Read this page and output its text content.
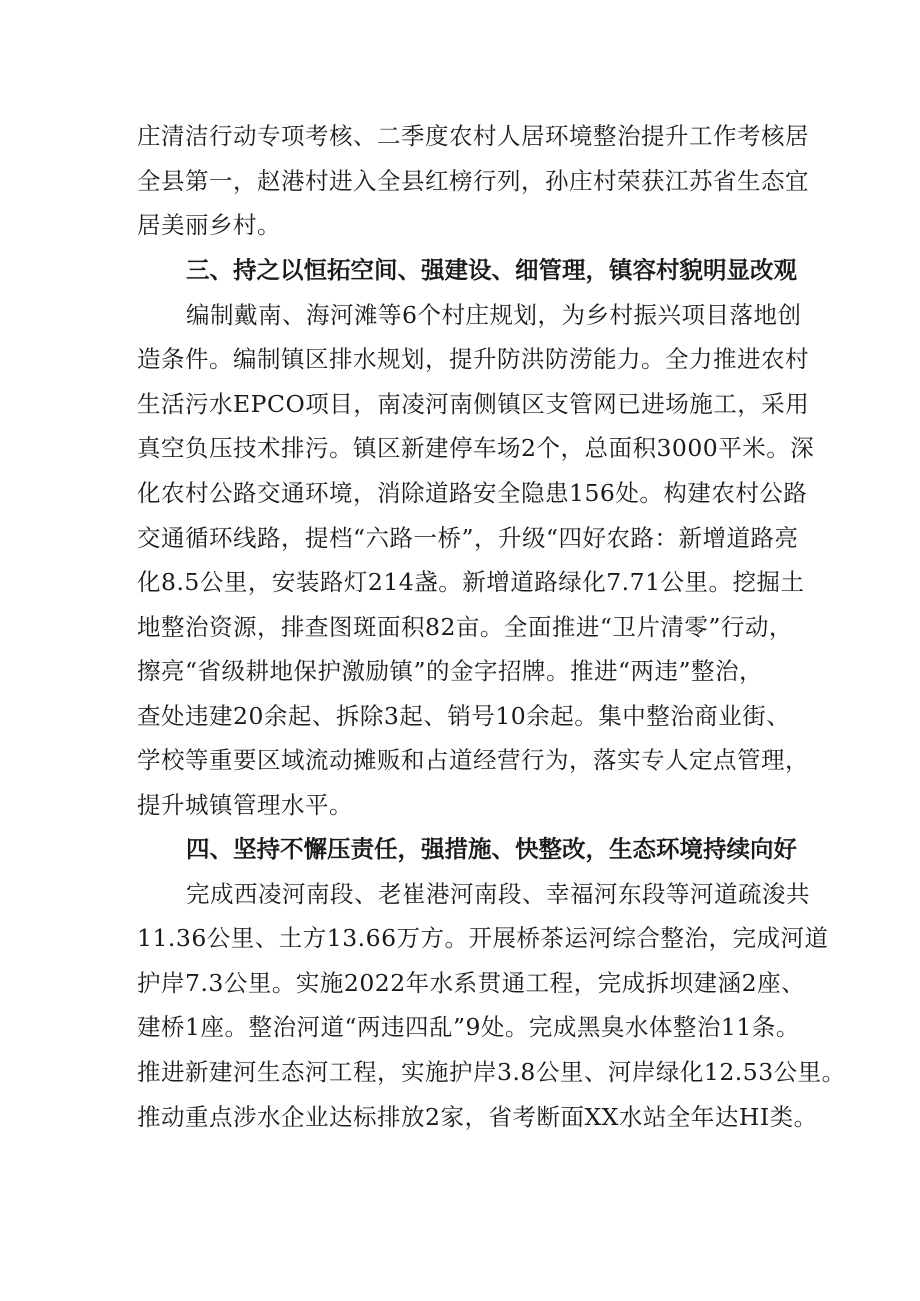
庄清洁行动专项考核、二季度农村人居环境整治提升工作考核居
全县第一，赵港村进入全县红榜行列，孙庄村荣获江苏省生态宜
居美丽乡村。
三、持之以恒拓空间、强建设、细管理，镇容村貌明显改观
编制戴南、海河滩等6个村庄规划，为乡村振兴项目落地创
造条件。编制镇区排水规划，提升防洪防涝能力。全力推进农村
生活污水EPCO项目，南凌河南侧镇区支管网已进场施工，采用
真空负压技术排污。镇区新建停车场2个，总面积3000平米。深
化农村公路交通环境，消除道路安全隐患156处。构建农村公路
交通循环线路，提档“六路一桥”，升级“四好农路：新增道路亮
化8.5公里，安装路灯214盏。新增道路绿化7.71公里。挖掘土
地整治资源，排查图斑面积82亩。全面推进“卫片清零”行动，
擦亮“省级耕地保护激励镇”的金字招牌。推进“两违”整治，
查处违建20余起、拆除3起、销号10余起。集中整治商业街、
学校等重要区域流动摊贩和占道经营行为，落实专人定点管理，
提升城镇管理水平。
四、坚持不懈压责任，强措施、快整改，生态环境持续向好
完成西凌河南段、老崔港河南段、幸福河东段等河道疏浚共
11.36公里、土方13.66万方。开展桥茶运河综合整治，完成河道
护岸7.3公里。实施2022年水系贯通工程，完成拆坝建涵2座、
建桥1座。整治河道“两违四乱”9处。完成黑臭水体整治11条。
推进新建河生态河工程，实施护岸3.8公里、河岸绿化12.53公里。
推动重点涉水企业达标排放2家，省考断面XX水站全年达HI类。
